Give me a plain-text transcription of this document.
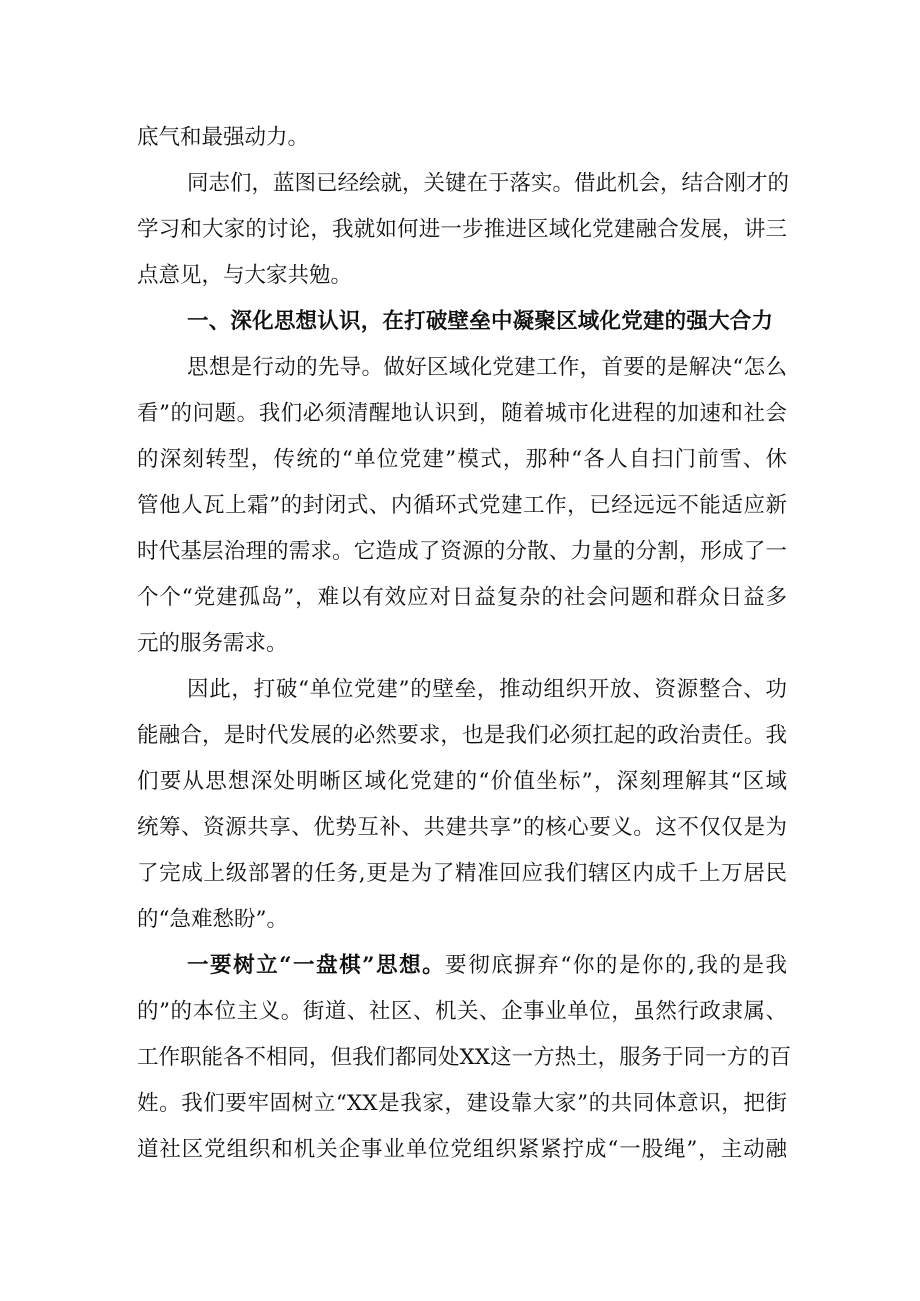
底气和最强动力。
同志们，蓝图已经绘就，关键在于落实。借此机会，结合刚才的
学习和大家的讨论，我就如何进一步推进区域化党建融合发展，讲三
点意见，与大家共勉。
一、深化思想认识，在打破壁垒中凝聚区域化党建的强大合力
思想是行动的先导。做好区域化党建工作，首要的是解决“怎么
看”的问题。我们必须清醒地认识到，随着城市化进程的加速和社会
的深刻转型，传统的“单位党建”模式，那种“各人自扫门前雪、休
管他人瓦上霜”的封闭式、内循环式党建工作，已经远远不能适应新
时代基层治理的需求。它造成了资源的分散、力量的分割，形成了一
个个“党建孤岛”，难以有效应对日益复杂的社会问题和群众日益多
元的服务需求。
因此，打破“单位党建”的壁垒，推动组织开放、资源整合、功
能融合，是时代发展的必然要求，也是我们必须扛起的政治责任。我
们要从思想深处明晰区域化党建的“价值坐标”，深刻理解其“区域
统筹、资源共享、优势互补、共建共享”的核心要义。这不仅仅是为
了完成上级部署的任务,更是为了精准回应我们辖区内成千上万居民
的“急难愁盼”。
一要树立“一盘棋”思想。要彻底摒弃“你的是你的,我的是我
的”的本位主义。街道、社区、机关、企事业单位，虽然行政隶属、
工作职能各不相同，但我们都同处XX这一方热土，服务于同一方的百
姓。我们要牢固树立“XX是我家，建设靠大家”的共同体意识，把街
道社区党组织和机关企事业单位党组织紧紧拧成“一股绳”，主动融
